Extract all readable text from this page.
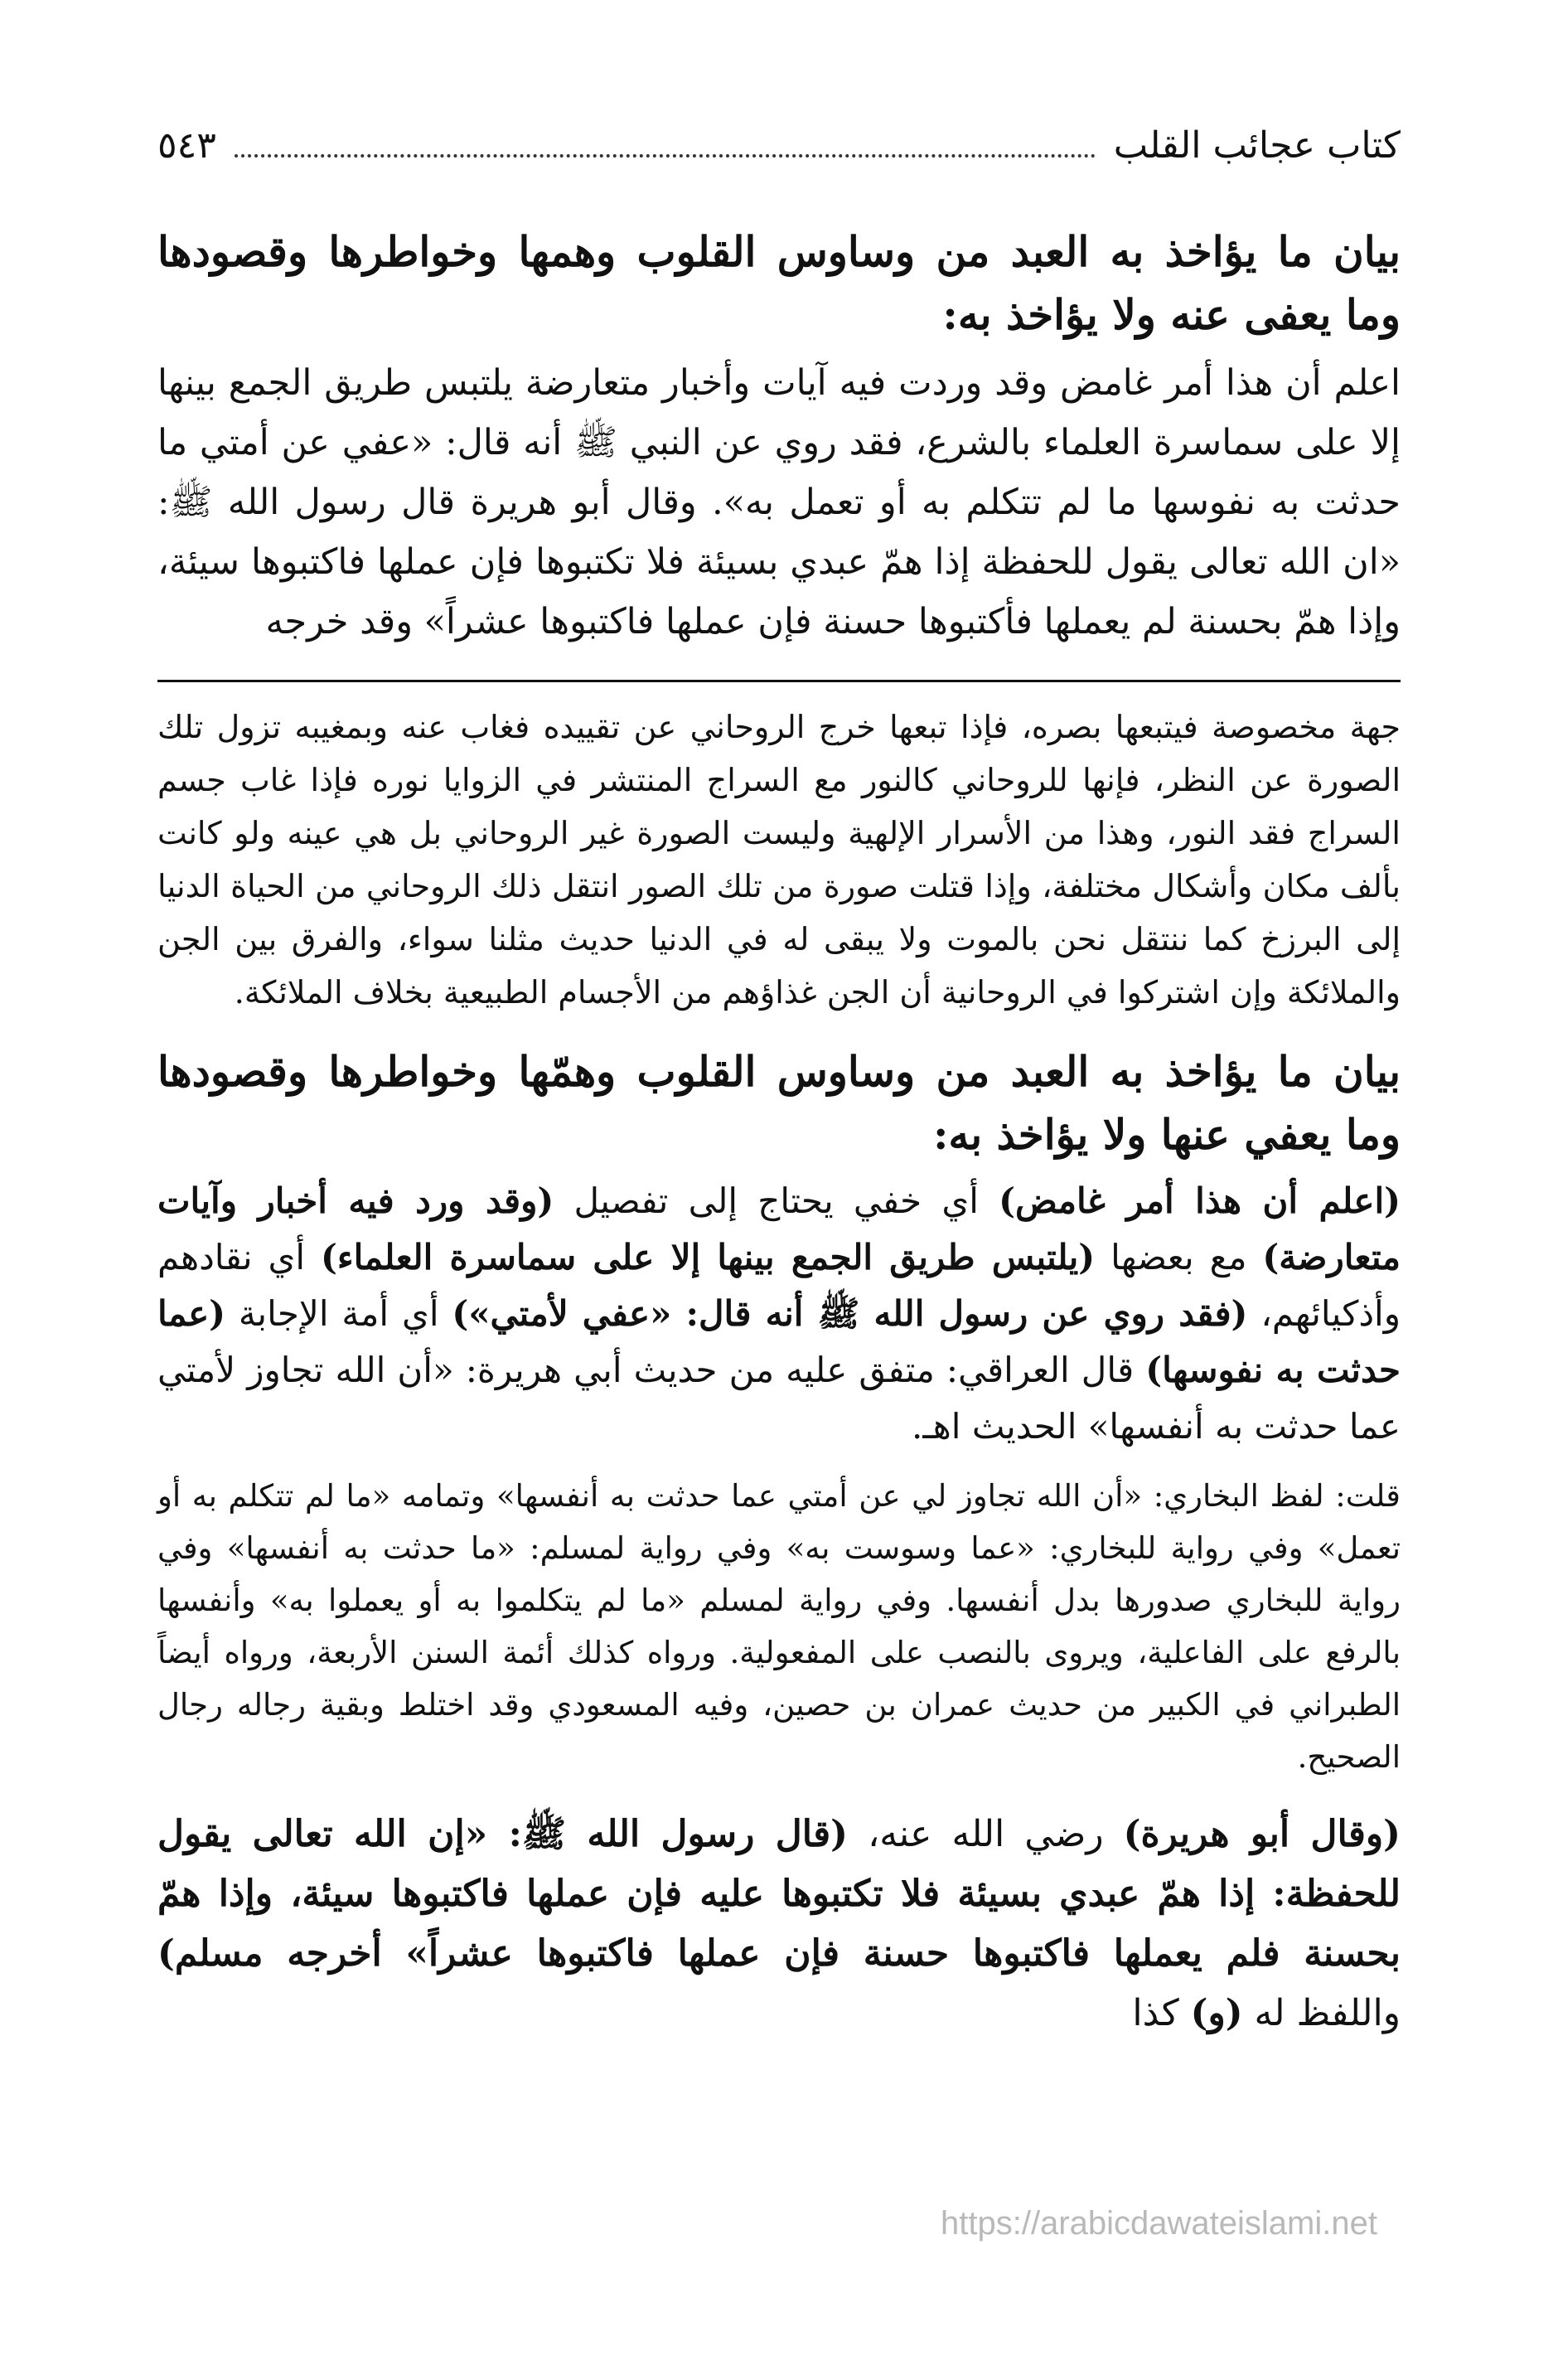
كتاب عجائب القلب
٥٤٣
بيان ما يؤاخذ به العبد من وساوس القلوب وهمها وخواطرها وقصودها وما يعفى عنه ولا يؤاخذ به:

اعلم أن هذا أمر غامض وقد وردت فيه آيات وأخبار متعارضة يلتبس طريق الجمع بينها إلا على سماسرة العلماء بالشرع، فقد روي عن النبي ﷺ أنه قال: «عفي عن أمتي ما حدثت به نفوسها ما لم تتكلم به أو تعمل به». وقال أبو هريرة قال رسول الله ﷺ: «ان الله تعالى يقول للحفظة إذا همّ عبدي بسيئة فلا تكتبوها فإن عملها فاكتبوها سيئة، وإذا همّ بحسنة لم يعملها فأكتبوها حسنة فإن عملها فاكتبوها عشراً» وقد خرجه

جهة مخصوصة فيتبعها بصره، فإذا تبعها خرج الروحاني عن تقييده فغاب عنه وبمغيبه تزول تلك الصورة عن النظر، فإنها للروحاني كالنور مع السراج المنتشر في الزوايا نوره فإذا غاب جسم السراج فقد النور، وهذا من الأسرار الإلهية وليست الصورة غير الروحاني بل هي عينه ولو كانت بألف مكان وأشكال مختلفة، وإذا قتلت صورة من تلك الصور انتقل ذلك الروحاني من الحياة الدنيا إلى البرزخ كما ننتقل نحن بالموت ولا يبقى له في الدنيا حديث مثلنا سواء، والفرق بين الجن والملائكة وإن اشتركوا في الروحانية أن الجن غذاؤهم من الأجسام الطبيعية بخلاف الملائكة.

بيان ما يؤاخذ به العبد من وساوس القلوب وهمّها وخواطرها وقصودها وما يعفي عنها ولا يؤاخذ به:

(اعلم أن هذا أمر غامض) أي خفي يحتاج إلى تفصيل (وقد ورد فيه أخبار وآيات متعارضة) مع بعضها (يلتبس طريق الجمع بينها إلا على سماسرة العلماء) أي نقادهم وأذكيائهم، (فقد روي عن رسول الله ﷺ أنه قال: «عفي لأمتي») أي أمة الإجابة (عما حدثت به نفوسها) قال العراقي: متفق عليه من حديث أبي هريرة: «أن الله تجاوز لأمتي عما حدثت به أنفسها» الحديث اهـ.

قلت: لفظ البخاري: «أن الله تجاوز لي عن أمتي عما حدثت به أنفسها» وتمامه «ما لم تتكلم به أو تعمل» وفي رواية للبخاري: «عما وسوست به» وفي رواية لمسلم: «ما حدثت به أنفسها» وفي رواية للبخاري صدورها بدل أنفسها. وفي رواية لمسلم «ما لم يتكلموا به أو يعملوا به» وأنفسها بالرفع على الفاعلية، ويروى بالنصب على المفعولية. ورواه كذلك أئمة السنن الأربعة، ورواه أيضاً الطبراني في الكبير من حديث عمران بن حصين، وفيه المسعودي وقد اختلط وبقية رجاله رجال الصحيح.

(وقال أبو هريرة) رضي الله عنه، (قال رسول الله ﷺ: «إن الله تعالى يقول للحفظة: إذا همّ عبدي بسيئة فلا تكتبوها عليه فإن عملها فاكتبوها سيئة، وإذا همّ بحسنة فلم يعملها فاكتبوها حسنة فإن عملها فاكتبوها عشراً» أخرجه مسلم) واللفظ له (و) كذا

https://arabicdawateislami.net
